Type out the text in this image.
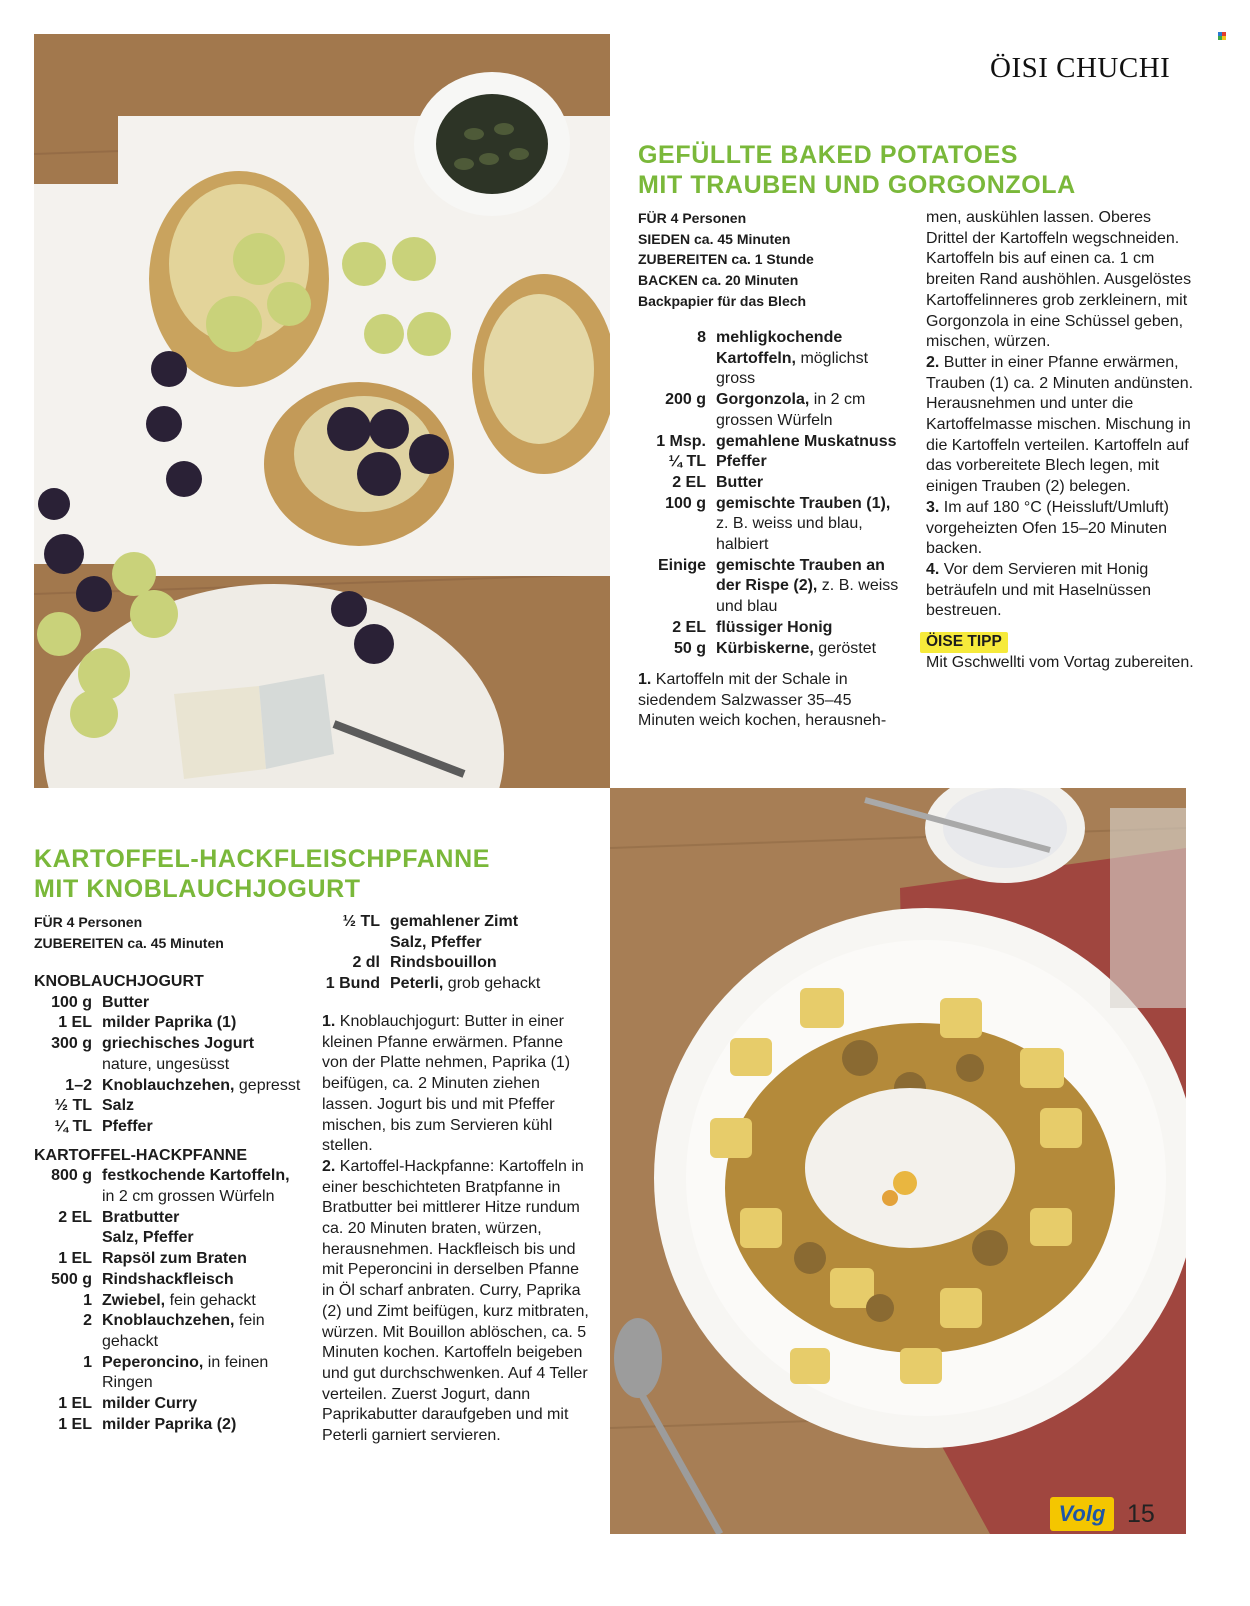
ÖISI CHUCHI
GEFÜLLTE BAKED POTATOES
MIT TRAUBEN UND GORGONZOLA
FÜR 4 Personen
SIEDEN ca. 45 Minuten
ZUBEREITEN ca. 1 Stunde
BACKEN ca. 20 Minuten
Backpapier für das Blech
8 mehligkochende Kartoffeln, möglichst gross
200 g Gorgonzola, in 2 cm grossen Würfeln
1 Msp. gemahlene Muskatnuss
¼ TL Pfeffer
2 EL Butter
100 g gemischte Trauben (1), z. B. weiss und blau, halbiert
Einige gemischte Trauben an der Rispe (2), z. B. weiss und blau
2 EL flüssiger Honig
50 g Kürbiskerne, geröstet

1. Kartoffeln mit der Schale in siedendem Salzwasser 35–45 Minuten weich kochen, herausneh-

men, auskühlen lassen. Oberes Drittel der Kartoffeln wegschneiden. Kartoffeln bis auf einen ca. 1 cm breiten Rand aushöhlen. Ausgelöstes Kartoffelinneres grob zerkleinern, mit Gorgonzola in eine Schüssel geben, mischen, würzen.

2. Butter in einer Pfanne erwärmen, Trauben (1) ca. 2 Minuten andünsten. Herausnehmen und unter die Kartoffelmasse mischen. Mischung in die Kartoffeln verteilen. Kartoffeln auf das vorbereitete Blech legen, mit einigen Trauben (2) belegen.

3. Im auf 180 °C (Heissluft/Umluft) vorgeheizten Ofen 15–20 Minuten backen.

4. Vor dem Servieren mit Honig beträufeln und mit Haselnüssen bestreuen.

ÖISE TIPP

Mit Gschwellti vom Vortag zubereiten.

KARTOFFEL-HACKFLEISCHPFANNE
MIT KNOBLAUCHJOGURT
FÜR 4 Personen
ZUBEREITEN ca. 45 Minuten
KNOBLAUCHJOGURT
100 g Butter
1 EL milder Paprika (1)
300 g griechisches Jogurt nature, ungesüsst
1–2 Knoblauchzehen, gepresst
½ TL Salz
¼ TL Pfeffer
KARTOFFEL-HACKPFANNE
800 g festkochende Kartoffeln, in 2 cm grossen Würfeln
2 EL Bratbutter
Salz, Pfeffer
1 EL Rapsöl zum Braten
500 g Rindshackfleisch
1 Zwiebel, fein gehackt
2 Knoblauchzehen, fein gehackt
1 Peperoncino, in feinen Ringen
1 EL milder Curry
1 EL milder Paprika (2)
½ TL gemahlener Zimt
Salz, Pfeffer
2 dl Rindsbouillon
1 Bund Peterli, grob gehackt

1. Knoblauchjogurt: Butter in einer kleinen Pfanne erwärmen. Pfanne von der Platte nehmen, Paprika (1) beifügen, ca. 2 Minuten ziehen lassen. Jogurt bis und mit Pfeffer mischen, bis zum Servieren kühl stellen.

2. Kartoffel-Hackpfanne: Kartoffeln in einer beschichteten Bratpfanne in Bratbutter bei mittlerer Hitze rundum ca. 20 Minuten braten, würzen, herausnehmen. Hackfleisch bis und mit Peperoncini in derselben Pfanne in Öl scharf anbraten. Curry, Paprika (2) und Zimt beifügen, kurz mitbraten, würzen. Mit Bouillon ablöschen, ca. 5 Minuten kochen. Kartoffeln beigeben und gut durchschwenken. Auf 4 Teller verteilen. Zuerst Jogurt, dann Paprikabutter daraufgeben und mit Peterli garniert servieren.

Volg 15
